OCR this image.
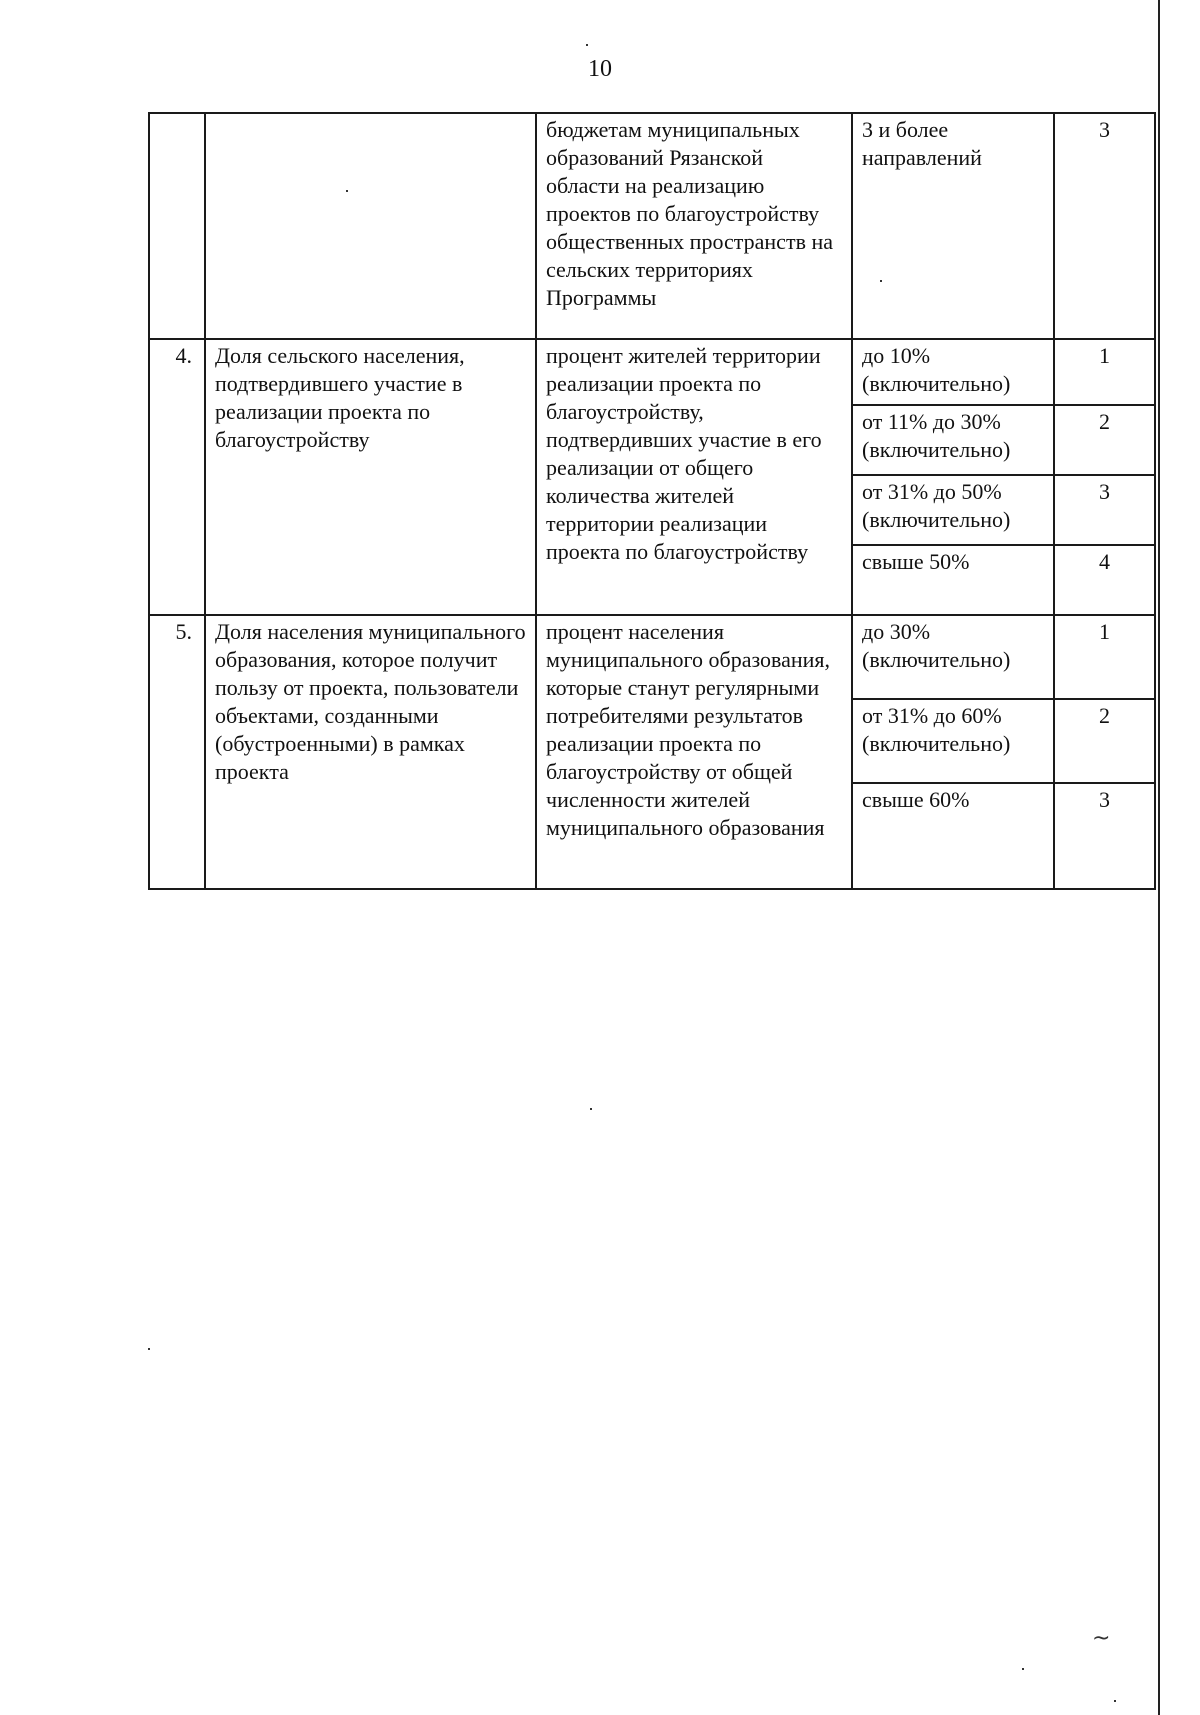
10
		бюджетам муниципальных образований Рязанской области на реализацию проектов по благоустройству общественных пространств на сельских территориях Программы	3 и более направлений	3
4.	Доля сельского населения, подтвердившего участие в реализации проекта по благоустройству	процент жителей территории реализации проекта по благоустройству, подтвердивших участие в его реализации от общего количества жителей территории реализации проекта по благоустройству	до 10% (включительно)	1
			от 11% до 30% (включительно)	2
			от 31% до 50% (включительно)	3
			свыше 50%	4
5.	Доля населения муниципального образования, которое получит пользу от проекта, пользователи объектами, созданными (обустроенными) в рамках проекта	процент населения муниципального образования, которые станут регулярными потребителями результатов реализации проекта по благоустройству от общей численности жителей муниципального образования	до 30% (включительно)	1
			от 31% до 60% (включительно)	2
			свыше 60%	3
~
